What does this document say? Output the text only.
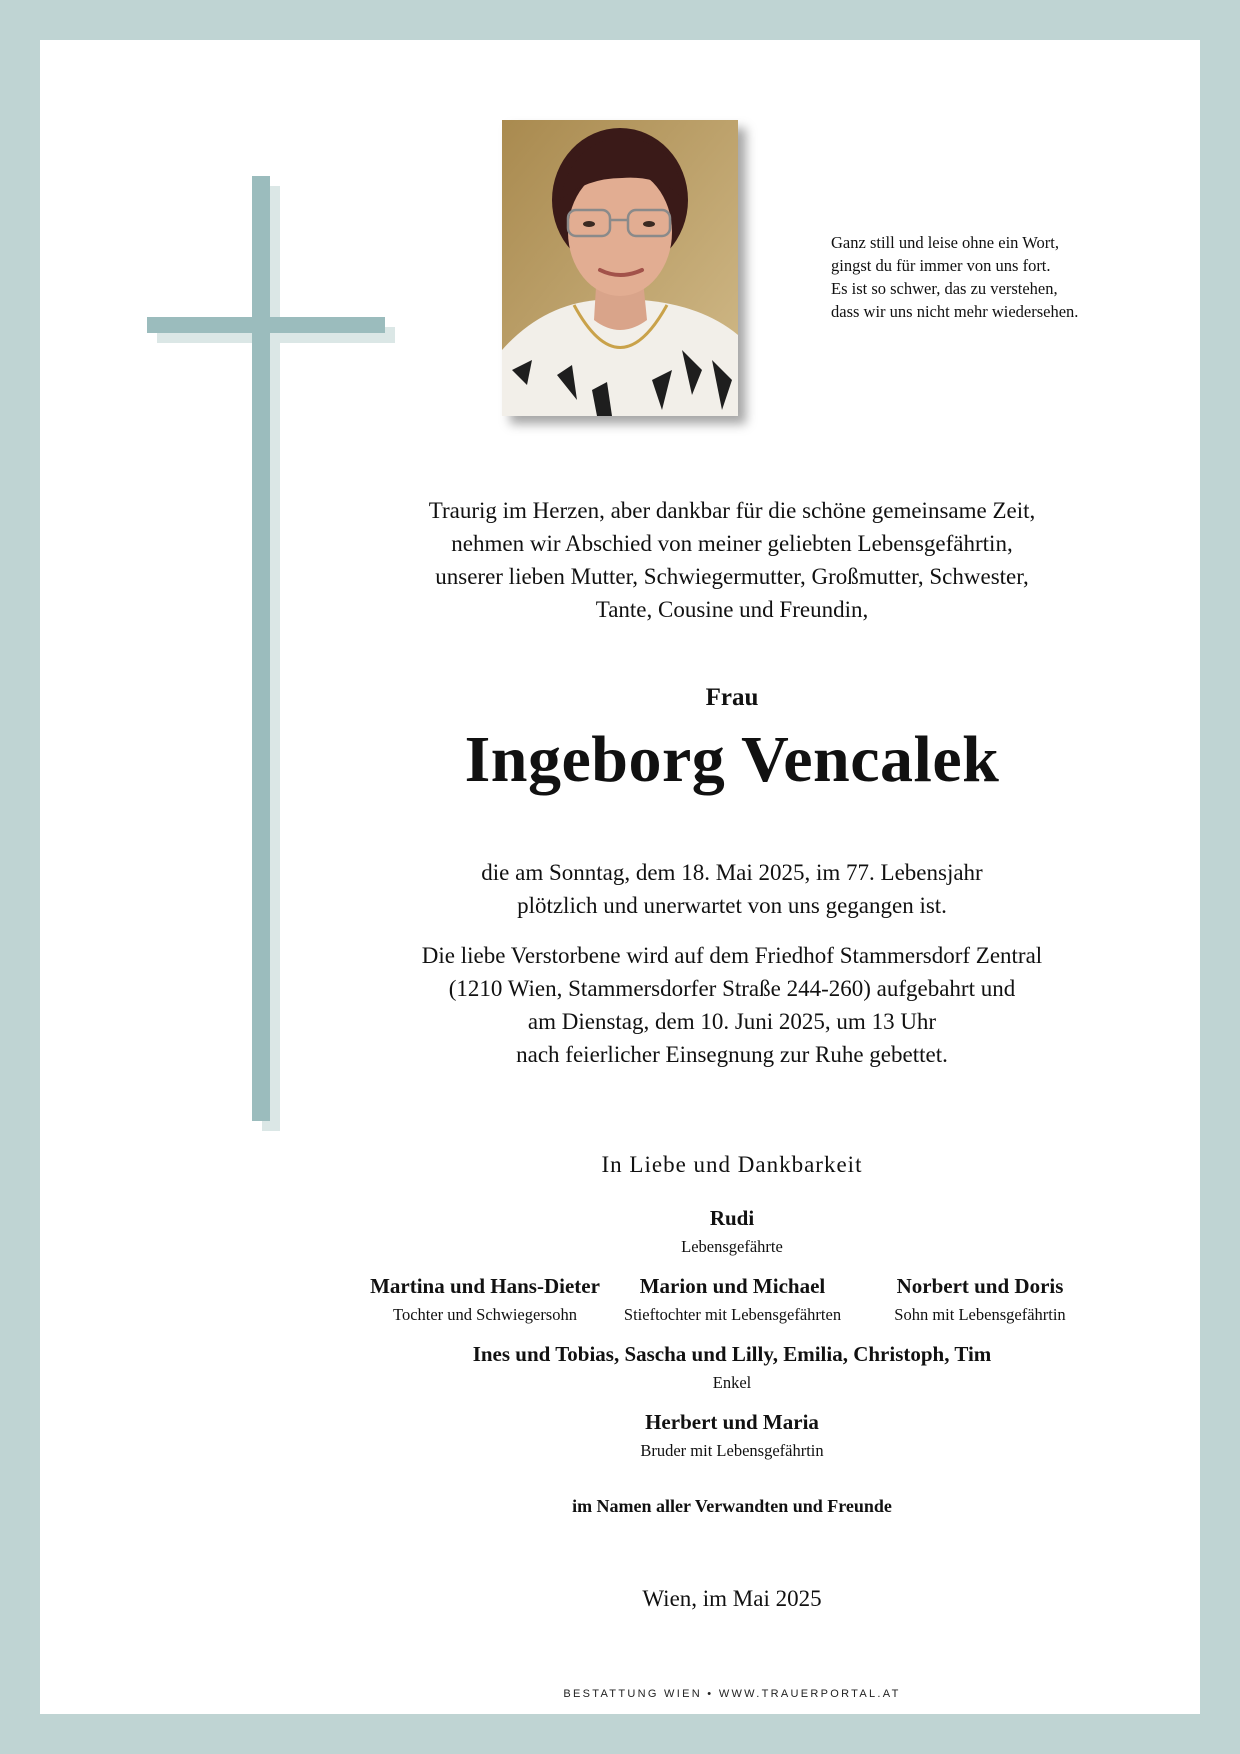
Ganz still und leise ohne ein Wort,
gingst du für immer von uns fort.
Es ist so schwer, das zu verstehen,
dass wir uns nicht mehr wiedersehen.
Traurig im Herzen, aber dankbar für die schöne gemeinsame Zeit,
nehmen wir Abschied von meiner geliebten Lebensgefährtin,
unserer lieben Mutter, Schwiegermutter, Großmutter, Schwester,
Tante, Cousine und Freundin,
Frau
Ingeborg Vencalek
die am Sonntag, dem 18. Mai 2025, im 77. Lebensjahr
plötzlich und unerwartet von uns gegangen ist.
Die liebe Verstorbene wird auf dem Friedhof Stammersdorf Zentral
(1210 Wien, Stammersdorfer Straße 244-260) aufgebahrt und
am Dienstag, dem 10. Juni 2025, um 13 Uhr
nach feierlicher Einsegnung zur Ruhe gebettet.
In Liebe und Dankbarkeit
Rudi
Lebensgefährte
Martina und Hans-Dieter
Tochter und Schwiegersohn
Marion und Michael
Stieftochter mit Lebensgefährten
Norbert und Doris
Sohn mit Lebensgefährtin
Ines und Tobias, Sascha und Lilly, Emilia, Christoph, Tim
Enkel
Herbert und Maria
Bruder mit Lebensgefährtin
im Namen aller Verwandten und Freunde
Wien, im Mai 2025
BESTATTUNG WIEN • WWW.TRAUERPORTAL.AT
